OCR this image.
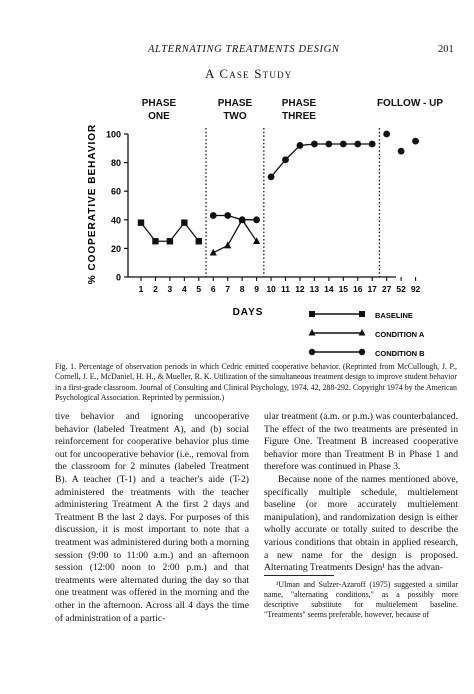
ALTERNATING TREATMENTS DESIGN	201
A Case Study
PHASE
ONE
PHASE
TWO
PHASE
THREE
FOLLOW - UP
% COOPERATIVE BEHAVIOR 0
20
40
60
80
100
1 2 3 4 5 6 7 8 9 10 11 12 13 14 15 16 17 27 52 92
DAYS	BASELINE
CONDITION A
CONDITION B
Fig. 1. Percentage of observation periods in which Cedric emitted cooperative behavior. (Reprinted from McCullough, J. P., Cornell, J. E., McDaniel, H. H., & Mueller, R. K. Utilization of the simultaneous treatment design to improve student behavior in a first-grade classroom. Journal of Consulting and Clinical Psychology, 1974, 42, 288-292. Copyright 1974 by the American Psychological Association. Reprinted by permission.)

tive behavior and ignoring uncooperative behavior (labeled Treatment A), and (b) social reinforcement for cooperative behavior plus time out for uncooperative behavior (i.e., removal from the classroom for 2 minutes (labeled Treatment B). A teacher (T-1) and a teacher's aide (T-2) administered the treatments with the teacher administering Treatment A the first 2 days and Treatment B the last 2 days. For purposes of this discussion, it is most important to note that a treatment was administered during both a morning session (9:00 to 11:00 a.m.) and an afternoon session (12:00 noon to 2:00 p.m.) and that treatments were alternated during the day so that one treatment was offered in the morning and the other in the afternoon. Across all 4 days the time of administration of a partic-

ular treatment (a.m. or p.m.) was counterbalanced. The effect of the two treatments are presented in Figure One. Treatment B increased cooperative behavior more than Treatment B in Phase 1 and therefore was continued in Phase 3.

Because none of the names mentioned above, specifically multiple schedule, multielement baseline (or more accurately multielement manipulation), and randomization design is either wholly accurate or totally suited to describe the various conditions that obtain in applied research, a new name for the design is proposed. Alternating Treatments Design¹ has the advan-

¹Ulman and Sulzer-Azaroff (1975) suggested a similar name, "alternating conditions," as a possibly more descriptive substitute for multielement baseline. "Treatments" seems preferable, however, because of
